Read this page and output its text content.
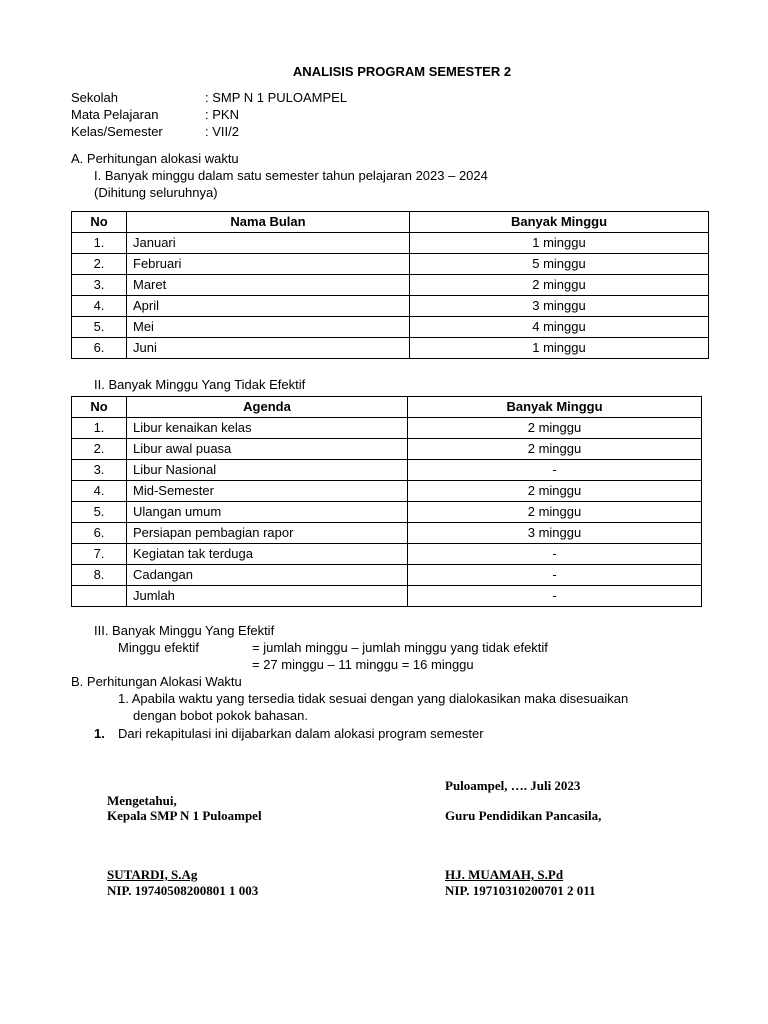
ANALISIS PROGRAM SEMESTER 2
Sekolah	: SMP N 1 PULOAMPEL
Mata Pelajaran	: PKN
Kelas/Semester	: VII/2
A. Perhitungan alokasi waktu
I. Banyak minggu dalam satu semester tahun pelajaran 2023 – 2024
(Dihitung seluruhnya)
No	Nama Bulan	Banyak Minggu
1.	Januari	1 minggu
2.	Februari	5 minggu
3.	Maret	2 minggu
4.	April	3 minggu
5.	Mei	4 minggu
6.	Juni	1 minggu
II. Banyak Minggu Yang Tidak Efektif
No	Agenda	Banyak Minggu
1.	Libur kenaikan kelas	2 minggu
2.	Libur awal puasa	2 minggu
3.	Libur Nasional	-
4.	Mid-Semester	2 minggu
5.	Ulangan umum	2 minggu
6.	Persiapan pembagian rapor	3 minggu
7.	Kegiatan tak terduga	-
8.	Cadangan	-
	Jumlah	-
III. Banyak Minggu Yang Efektif
Minggu efektif	= jumlah minggu – jumlah minggu yang tidak efektif
= 27 minggu – 11 minggu = 16 minggu
B. Perhitungan Alokasi Waktu
1. Apabila waktu yang tersedia tidak sesuai dengan yang dialokasikan maka disesuaikan
dengan bobot pokok bahasan.
1. Dari rekapitulasi ini dijabarkan dalam alokasi program semester
Puloampel, …. Juli 2023
Mengetahui,
Kepala SMP N 1 Puloampel	Guru Pendidikan Pancasila,
SUTARDI, S.Ag
NIP. 19740508200801 1 003
HJ. MUAMAH, S.Pd
NIP. 19710310200701 2 011
